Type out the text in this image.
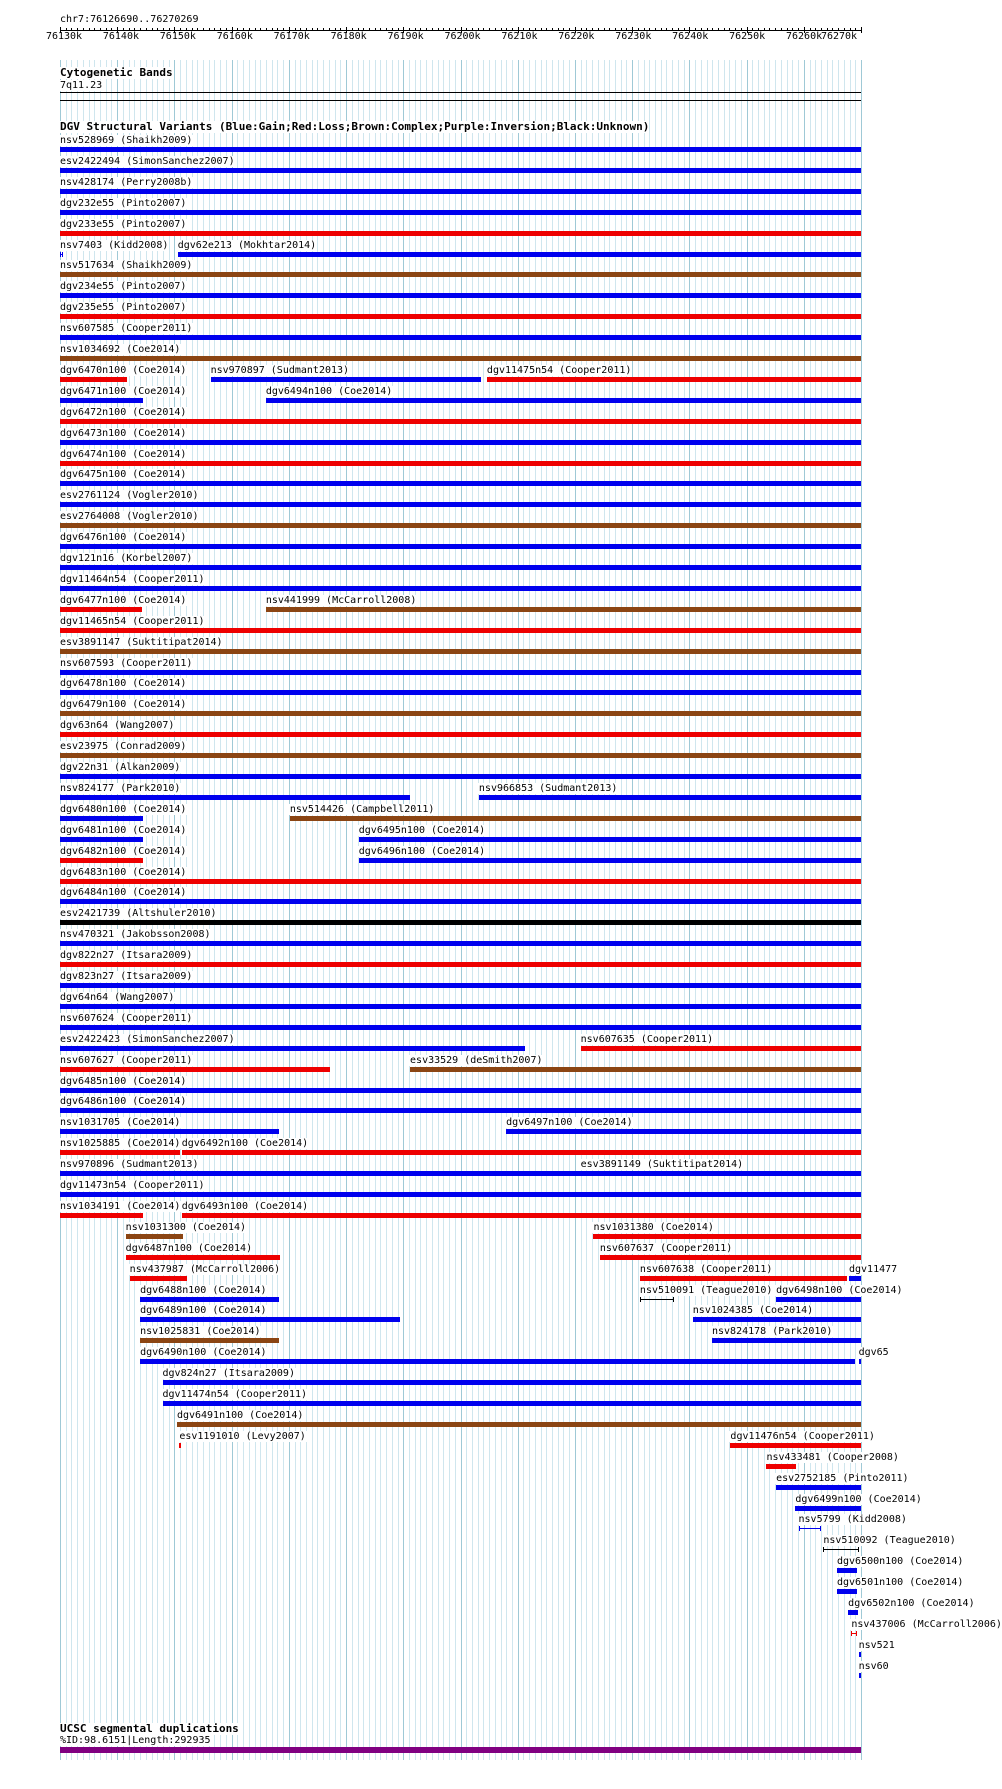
chr7:76126690..76270269
76130k 76140k 76150k 76160k 76170k 76180k 76190k 76200k 76210k 76220k 76230k 76240k 76250k 76260k
76270k
Cytogenetic Bands
7q11.23
DGV Structural Variants (Blue:Gain;Red:Loss;Brown:Complex;Purple:Inversion;Black:Unknown)
nsv528969 (Shaikh2009)
esv2422494 (SimonSanchez2007)
nsv428174 (Perry2008b)
dgv232e55 (Pinto2007)
dgv233e55 (Pinto2007)
nsv7403 (Kidd2008) dgv62e213 (Mokhtar2014)
nsv517634 (Shaikh2009)
dgv234e55 (Pinto2007)
dgv235e55 (Pinto2007)
nsv607585 (Cooper2011)
nsv1034692 (Coe2014)
dgv6470n100 (Coe2014) nsv970897 (Sudmant2013)	dgv11475n54 (Cooper2011)
dgv6471n100 (Coe2014)	dgv6494n100 (Coe2014)
dgv6472n100 (Coe2014)
dgv6473n100 (Coe2014)
dgv6474n100 (Coe2014)
dgv6475n100 (Coe2014)
esv2761124 (Vogler2010)
esv2764008 (Vogler2010)
dgv6476n100 (Coe2014)
dgv121n16 (Korbel2007)
dgv11464n54 (Cooper2011)
dgv6477n100 (Coe2014)	nsv441999 (McCarroll2008)
dgv11465n54 (Cooper2011)
esv3891147 (Suktitipat2014)
nsv607593 (Cooper2011)
dgv6478n100 (Coe2014)
dgv6479n100 (Coe2014)
dgv63n64 (Wang2007)
esv23975 (Conrad2009)
dgv22n31 (Alkan2009)
nsv824177 (Park2010)	nsv966853 (Sudmant2013)
dgv6480n100 (Coe2014)	nsv514426 (Campbell2011)
dgv6481n100 (Coe2014)	dgv6495n100 (Coe2014)
dgv6482n100 (Coe2014)	dgv6496n100 (Coe2014)
dgv6483n100 (Coe2014)
dgv6484n100 (Coe2014)
esv2421739 (Altshuler2010)
nsv470321 (Jakobsson2008)
dgv822n27 (Itsara2009)
dgv823n27 (Itsara2009)
dgv64n64 (Wang2007)
nsv607624 (Cooper2011)
esv2422423 (SimonSanchez2007)	nsv607635 (Cooper2011)
nsv607627 (Cooper2011)	esv33529 (deSmith2007)
dgv6485n100 (Coe2014)
dgv6486n100 (Coe2014)
nsv1031705 (Coe2014)	dgv6497n100 (Coe2014)
nsv1025885 (Coe2014) dgv6492n100 (Coe2014)
nsv970896 (Sudmant2013)	esv3891149 (Suktitipat2014)
dgv11473n54 (Cooper2011)
nsv1034191 (Coe2014) dgv6493n100 (Coe2014)
nsv1031300 (Coe2014)	nsv1031380 (Coe2014)
dgv6487n100 (Coe2014)	nsv607637 (Cooper2011)
nsv437987 (McCarroll2006)	nsv607638 (Cooper2011)	dgv11477
dgv6488n100 (Coe2014)	nsv510091 (Teague2010) dgv6498n100 (Coe2014)
dgv6489n100 (Coe2014)	nsv1024385 (Coe2014)
nsv1025831 (Coe2014)	nsv824178 (Park2010)
dgv6490n100 (Coe2014)	dgv65
dgv824n27 (Itsara2009)
dgv11474n54 (Cooper2011)
dgv6491n100 (Coe2014)
esv1191010 (Levy2007)	dgv11476n54 (Cooper2011)
nsv433481 (Cooper2008)
esv2752185 (Pinto2011)
dgv6499n100 (Coe2014)
nsv5799 (Kidd2008)
nsv510092 (Teague2010)
dgv6500n100 (Coe2014)
dgv6501n100 (Coe2014)
dgv6502n100 (Coe2014)
nsv437006 (McCarroll2006)
nsv521
nsv60
UCSC segmental duplications
%ID:98.6151|Length:292935
